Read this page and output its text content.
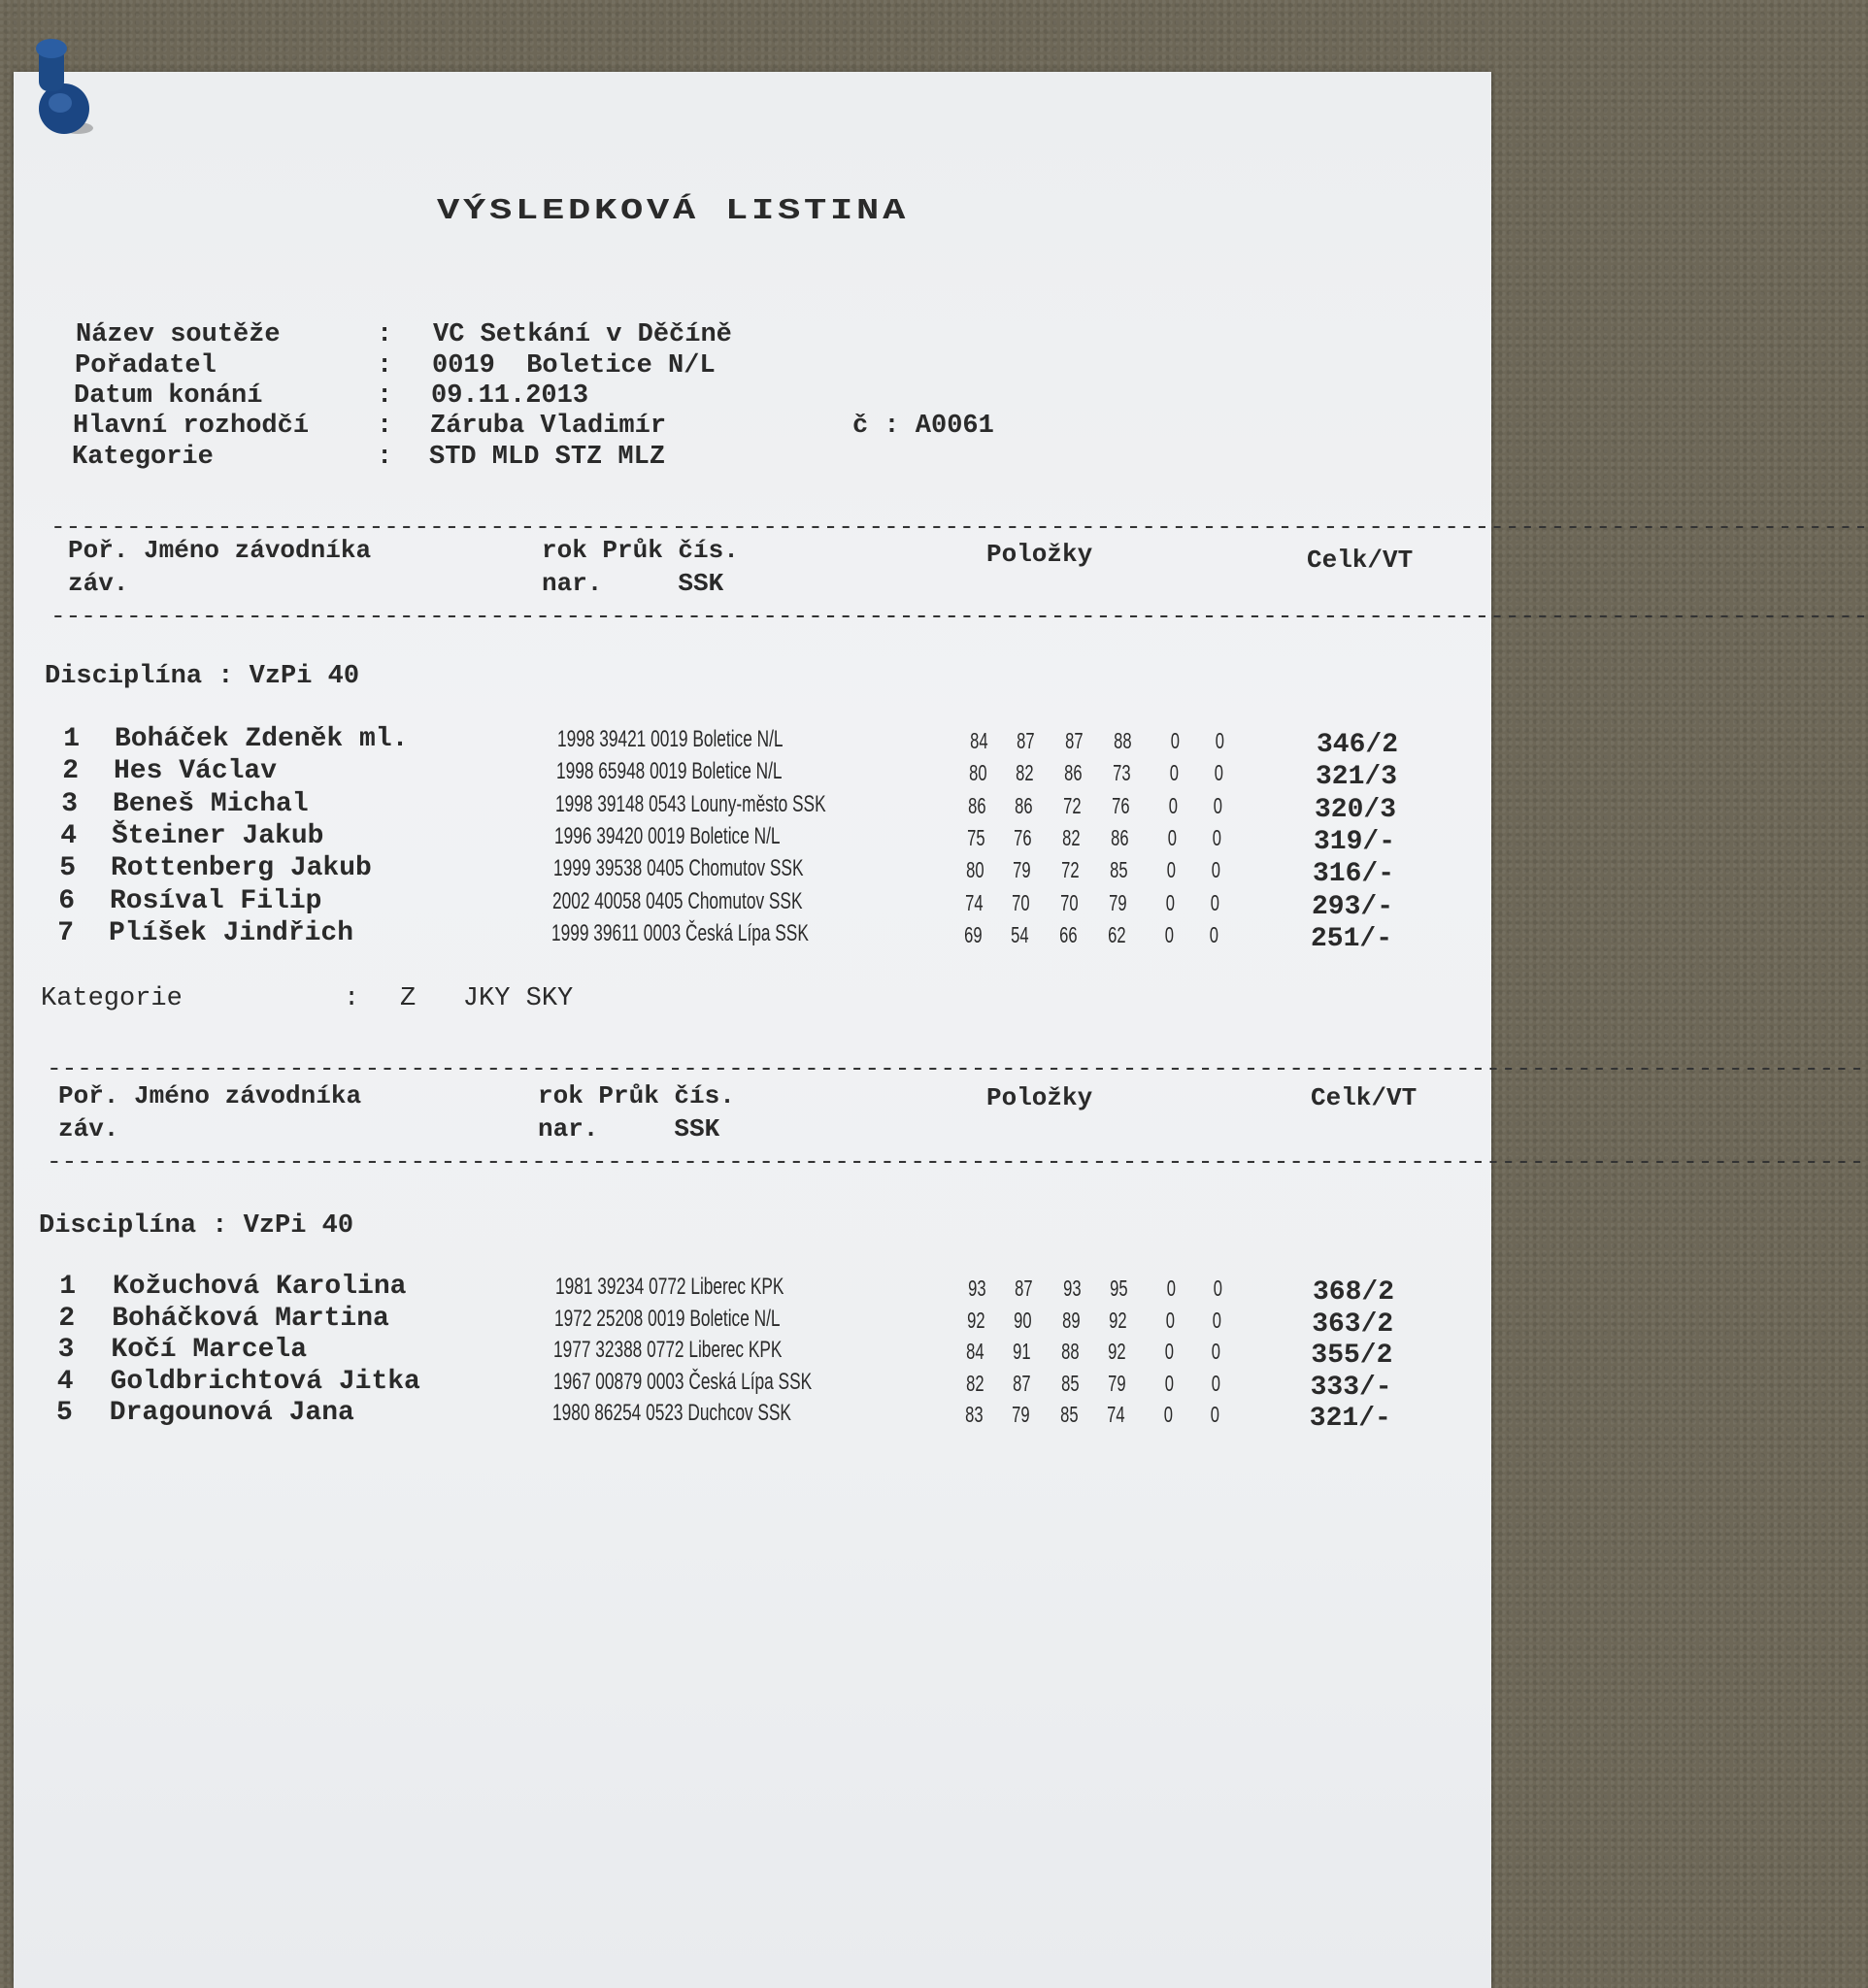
VÝSLEDKOVÁ LISTINA
Název soutěže	: VC Setkání v Děčíně
Pořadatel	: 0019  Boletice N/L
Datum konání	: 09.11.2013
Hlavní rozhodčí	: Záruba Vladimír
Kategorie	: STD MLD STZ MLZ
č : A0061
------------------------------------------------------------------------------------------------------------------------
Poř. Jméno závodníka
záv.
rok Průk čís.
nar.     SSK
Položky	Celk/VT
------------------------------------------------------------------------------------------------------------------------
Disciplína : VzPi 40
1 Boháček Zdeněk ml.	1998 39421 0019 Boletice N/L	84 87 87 88	0	0	346/2
2 Hes Václav	1998 65948 0019 Boletice N/L	80 82 86 73	0	0	321/3
3 Beneš Michal	1998 39148 0543 Louny-město SSK	86 86 72 76	0	0	320/3
4 Šteiner Jakub	1996 39420 0019 Boletice N/L	75 76 82 86	0	0	319/-
5 Rottenberg Jakub	1999 39538 0405 Chomutov SSK	80 79 72 85	0	0	316/-
6 Rosíval Filip	2002 40058 0405 Chomutov SSK	74 70 70 79	0	0	293/-
7 Plíšek Jindřich	1999 39611 0003 Česká Lípa SSK	69 54 66 62	0	0	251/-
Kategorie	: Z   JKY SKY
------------------------------------------------------------------------------------------------------------------------
Poř. Jméno závodníka
záv.
rok Průk čís.
nar.     SSK
Položky	Celk/VT
------------------------------------------------------------------------------------------------------------------------
Disciplína : VzPi 40
1 Kožuchová Karolina	1981 39234 0772 Liberec KPK	93 87 93 95	0	0	368/2
2 Boháčková Martina	1972 25208 0019 Boletice N/L	92 90 89 92	0	0	363/2
3 Kočí Marcela	1977 32388 0772 Liberec KPK	84 91 88 92	0	0	355/2
4 Goldbrichtová Jitka	1967 00879 0003 Česká Lípa SSK	82 87 85 79	0	0	333/-
5 Dragounová Jana	1980 86254 0523 Duchcov SSK	83 79 85 74	0	0	321/-
